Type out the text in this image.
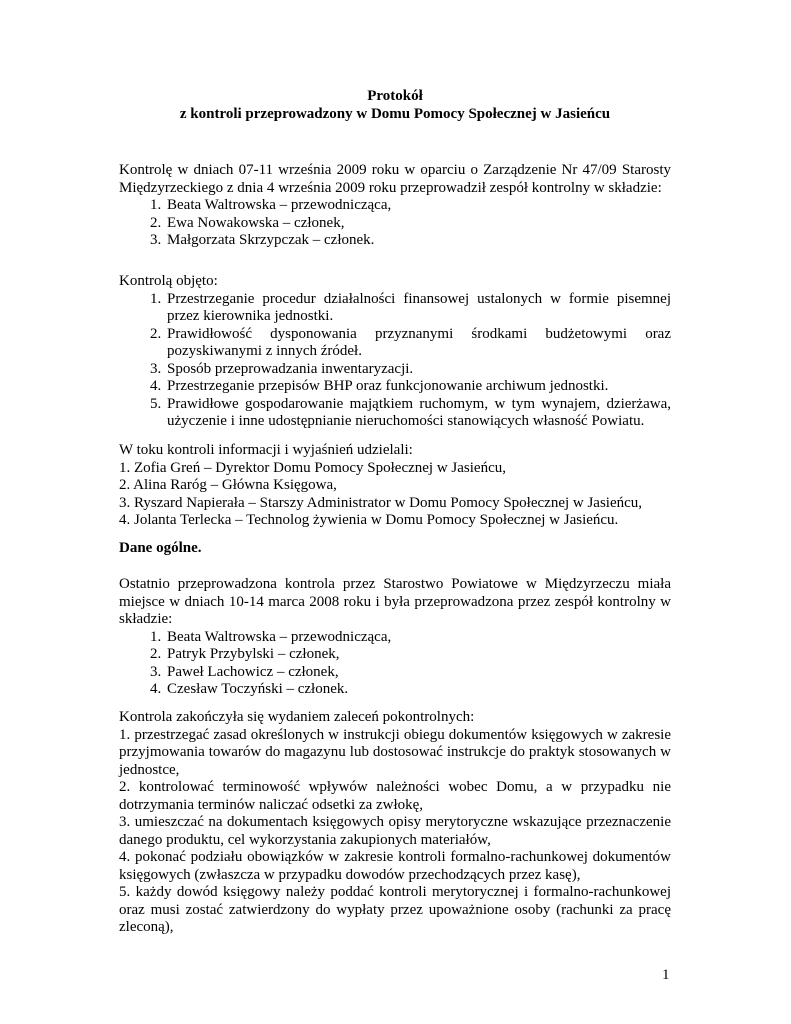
Protokół
z kontroli przeprowadzony w Domu Pomocy Społecznej w Jasieńcu

Kontrolę w dniach 07-11 września 2009 roku w oparciu o Zarządzenie Nr 47/09 Starosty Międzyrzeckiego z dnia 4 września 2009 roku przeprowadził zespół kontrolny w składzie:

1. Beata Waltrowska – przewodnicząca,
2. Ewa Nowakowska – członek,
3. Małgorzata Skrzypczak – członek.

Kontrolą objęto:

1. Przestrzeganie procedur działalności finansowej ustalonych w formie pisemnej przez kierownika jednostki.
2. Prawidłowość dysponowania przyznanymi środkami budżetowymi oraz pozyskiwanymi z innych źródeł.
3. Sposób przeprowadzania inwentaryzacji.
4. Przestrzeganie przepisów BHP oraz funkcjonowanie archiwum jednostki.
5. Prawidłowe gospodarowanie majątkiem ruchomym, w tym wynajem, dzierżawa, użyczenie i inne udostępnianie nieruchomości stanowiących własność Powiatu.

W toku kontroli informacji i wyjaśnień udzielali:

1. Zofia Greń – Dyrektor Domu Pomocy Społecznej w Jasieńcu,
2. Alina Raróg – Główna Księgowa,
3. Ryszard Napierała – Starszy Administrator w Domu Pomocy Społecznej w Jasieńcu,
4. Jolanta Terlecka – Technolog żywienia w Domu Pomocy Społecznej w Jasieńcu.

Dane ogólne.

Ostatnio przeprowadzona kontrola przez Starostwo Powiatowe w Międzyrzeczu miała miejsce w dniach 10-14 marca 2008 roku i była przeprowadzona przez zespół kontrolny w składzie:

1. Beata Waltrowska – przewodnicząca,
2. Patryk Przybylski – członek,
3. Paweł Lachowicz – członek,
4. Czesław Toczyński – członek.

Kontrola zakończyła się wydaniem zaleceń pokontrolnych:

1. przestrzegać zasad określonych w instrukcji obiegu dokumentów księgowych w zakresie przyjmowania towarów do magazynu lub dostosować instrukcje do praktyk stosowanych w jednostce,
2. kontrolować terminowość wpływów należności wobec Domu, a w przypadku nie dotrzymania terminów naliczać odsetki za zwłokę,
3. umieszczać na dokumentach księgowych opisy merytoryczne wskazujące przeznaczenie danego produktu, cel wykorzystania zakupionych materiałów,
4. pokonać podziału obowiązków w zakresie kontroli formalno-rachunkowej dokumentów księgowych (zwłaszcza w przypadku dowodów przechodzących przez kasę),
5. każdy dowód księgowy należy poddać kontroli merytorycznej i formalno-rachunkowej oraz musi zostać zatwierdzony do wypłaty przez upoważnione osoby (rachunki za pracę zleconą),
1
